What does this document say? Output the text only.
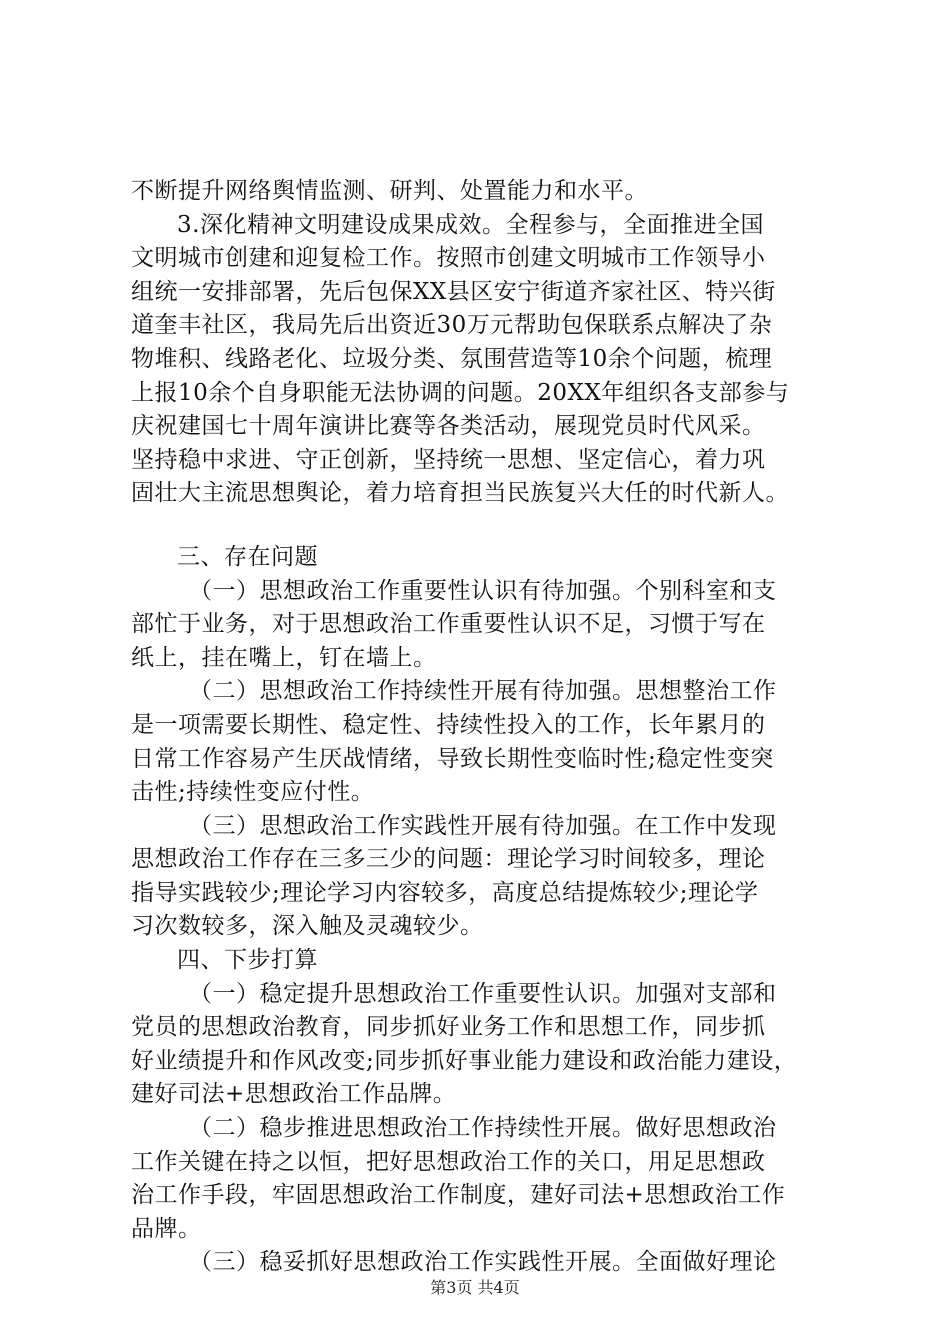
不断提升网络舆情监测、研判、处置能力和水平。
3.深化精神文明建设成果成效。全程参与，全面推进全国
文明城市创建和迎复检工作。按照市创建文明城市工作领导小
组统一安排部署，先后包保XX县区安宁街道齐家社区、特兴街
道奎丰社区，我局先后出资近30万元帮助包保联系点解决了杂
物堆积、线路老化、垃圾分类、氛围营造等10余个问题，梳理
上报10余个自身职能无法协调的问题。20XX年组织各支部参与
庆祝建国七十周年演讲比赛等各类活动，展现党员时代风采。
坚持稳中求进、守正创新，坚持统一思想、坚定信心，着力巩
固壮大主流思想舆论，着力培育担当民族复兴大任的时代新人。
三、存在问题
（一）思想政治工作重要性认识有待加强。个别科室和支
部忙于业务，对于思想政治工作重要性认识不足，习惯于写在
纸上，挂在嘴上，钉在墙上。
（二）思想政治工作持续性开展有待加强。思想整治工作
是一项需要长期性、稳定性、持续性投入的工作，长年累月的
日常工作容易产生厌战情绪，导致长期性变临时性;稳定性变突
击性;持续性变应付性。
（三）思想政治工作实践性开展有待加强。在工作中发现
思想政治工作存在三多三少的问题：理论学习时间较多，理论
指导实践较少;理论学习内容较多，高度总结提炼较少;理论学
习次数较多，深入触及灵魂较少。
四、下步打算
（一）稳定提升思想政治工作重要性认识。加强对支部和
党员的思想政治教育，同步抓好业务工作和思想工作，同步抓
好业绩提升和作风改变;同步抓好事业能力建设和政治能力建设，
建好司法+思想政治工作品牌。
（二）稳步推进思想政治工作持续性开展。做好思想政治
工作关键在持之以恒，把好思想政治工作的关口，用足思想政
治工作手段，牢固思想政治工作制度，建好司法+思想政治工作
品牌。
（三）稳妥抓好思想政治工作实践性开展。全面做好理论
第3页 共4页
